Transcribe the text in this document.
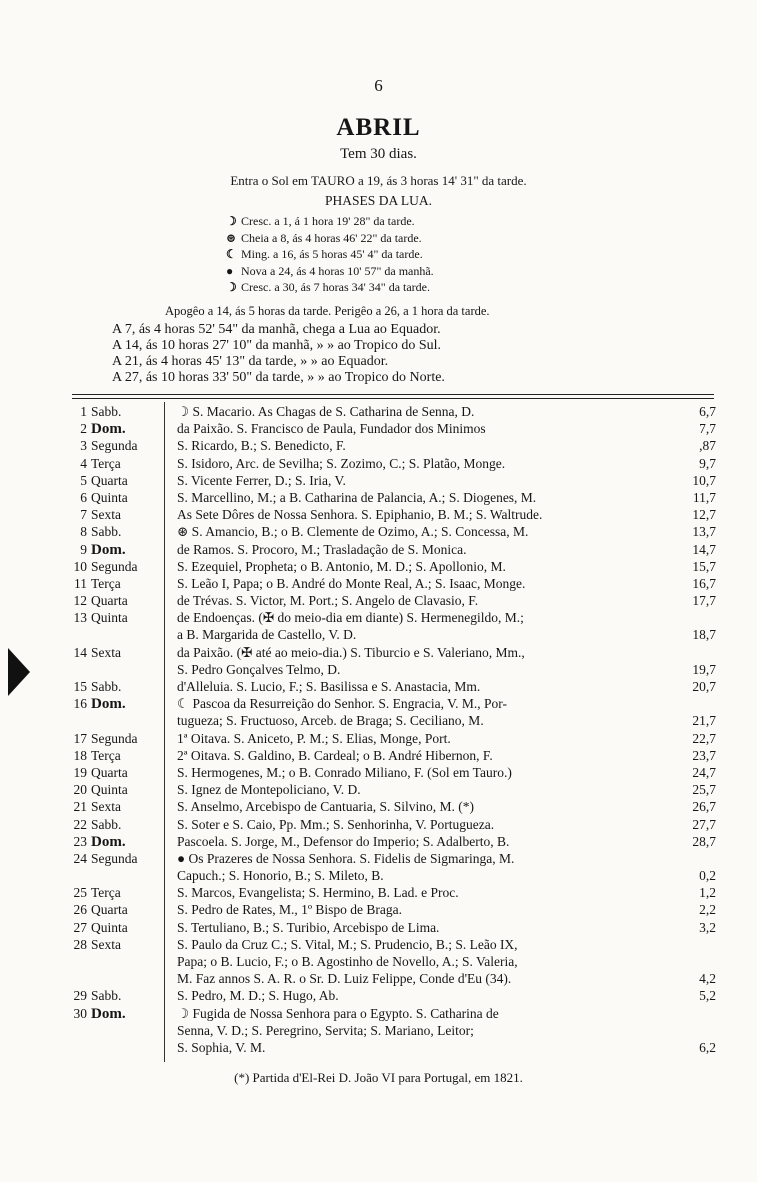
6
ABRIL
Tem 30 dias.
Entra o Sol em TAURO a 19, ás 3 horas 14' 31" da tarde.
PHASES DA LUA.
☽ Cresc. a 1, á 1 hora 19' 28" da tarde.
⊛ Cheia a 8, ás 4 horas 46' 22" da tarde.
☾ Ming. a 16, ás 5 horas 45' 4" da tarde.
● Nova a 24, ás 4 horas 10' 57" da manhã.
☽ Cresc. a 30, ás 7 horas 34' 34" da tarde.
Apogêo a 14, ás 5 horas da tarde. Perigêo a 26, a 1 hora da tarde.
A 7, ás 4 horas 52' 54" da manhã, chega a Lua ao Equador.
A 14, ás 10 horas 27' 10" da manhã, » » ao Tropico do Sul.
A 21, ás 4 horas 45' 13" da tarde, » » ao Equador.
A 27, ás 10 horas 33' 50" da tarde, » » ao Tropico do Norte.
1 Sabb.	☽ S. Macario. As Chagas de S. Catharina de Senna, D.	6,7
2 Dom.	da Paixão. S. Francisco de Paula, Fundador dos Minimos	7,7
3 Segunda	S. Ricardo, B.; S. Benedicto, F.	,87
4 Terça	S. Isidoro, Arc. de Sevilha; S. Zozimo, C.; S. Platão, Monge.	9,7
5 Quarta	S. Vicente Ferrer, D.; S. Iria, V.	10,7
6 Quinta	S. Marcellino, M.; a B. Catharina de Palancia, A.; S. Diogenes, M.	11,7
7 Sexta	As Sete Dôres de Nossa Senhora. S. Epiphanio, B. M.; S. Waltrude.	12,7
8 Sabb.	⊛ S. Amancio, B.; o B. Clemente de Ozimo, A.; S. Concessa, M.	13,7
9 Dom.	de Ramos. S. Procoro, M.; Trasladação de S. Monica.	14,7
10 Segunda	S. Ezequiel, Propheta; o B. Antonio, M. D.; S. Apollonio, M.	15,7
11 Terça	S. Leão I, Papa; o B. André do Monte Real, A.; S. Isaac, Monge.	16,7
12 Quarta	de Trévas. S. Victor, M. Port.; S. Angelo de Clavasio, F.	17,7
13 Quinta	de Endoenças. (✠ do meio-dia em diante) S. Hermenegildo, M.;
a B. Margarida de Castello, V. D.	18,7
14 Sexta	da Paixão. (✠ até ao meio-dia.) S. Tiburcio e S. Valeriano, Mm.,
S. Pedro Gonçalves Telmo, D.	19,7
15 Sabb.	d'Alleluia. S. Lucio, F.; S. Basilissa e S. Anastacia, Mm.	20,7
16 Dom.	☾ Pascoa da Resurreição do Senhor. S. Engracia, V. M., Por-
tugueza; S. Fructuoso, Arceb. de Braga; S. Ceciliano, M.	21,7
17 Segunda	1ª Oitava. S. Aniceto, P. M.; S. Elias, Monge, Port.	22,7
18 Terça	2ª Oitava. S. Galdino, B. Cardeal; o B. André Hibernon, F.	23,7
19 Quarta	S. Hermogenes, M.; o B. Conrado Miliano, F. (Sol em Tauro.)	24,7
20 Quinta	S. Ignez de Montepoliciano, V. D.	25,7
21 Sexta	S. Anselmo, Arcebispo de Cantuaria, S. Silvino, M. (*)	26,7
22 Sabb.	S. Soter e S. Caio, Pp. Mm.; S. Senhorinha, V. Portugueza.	27,7
23 Dom.	Pascoela. S. Jorge, M., Defensor do Imperio; S. Adalberto, B.	28,7
24 Segunda	● Os Prazeres de Nossa Senhora. S. Fidelis de Sigmaringa, M.
Capuch.; S. Honorio, B.; S. Mileto, B.	0,2
25 Terça	S. Marcos, Evangelista; S. Hermino, B. Lad. e Proc.	1,2
26 Quarta	S. Pedro de Rates, M., 1º Bispo de Braga.	2,2
27 Quinta	S. Tertuliano, B.; S. Turibio, Arcebispo de Lima.	3,2
28 Sexta	S. Paulo da Cruz C.; S. Vital, M.; S. Prudencio, B.; S. Leão IX,
Papa; o B. Lucio, F.; o B. Agostinho de Novello, A.; S. Valeria,
M. Faz annos S. A. R. o Sr. D. Luiz Felippe, Conde d'Eu (34).	4,2
29 Sabb.	S. Pedro, M. D.; S. Hugo, Ab.	5,2
30 Dom.	☽ Fugida de Nossa Senhora para o Egypto. S. Catharina de
Senna, V. D.; S. Peregrino, Servita; S. Mariano, Leitor;
S. Sophia, V. M.	6,2
(*) Partida d'El-Rei D. João VI para Portugal, em 1821.
